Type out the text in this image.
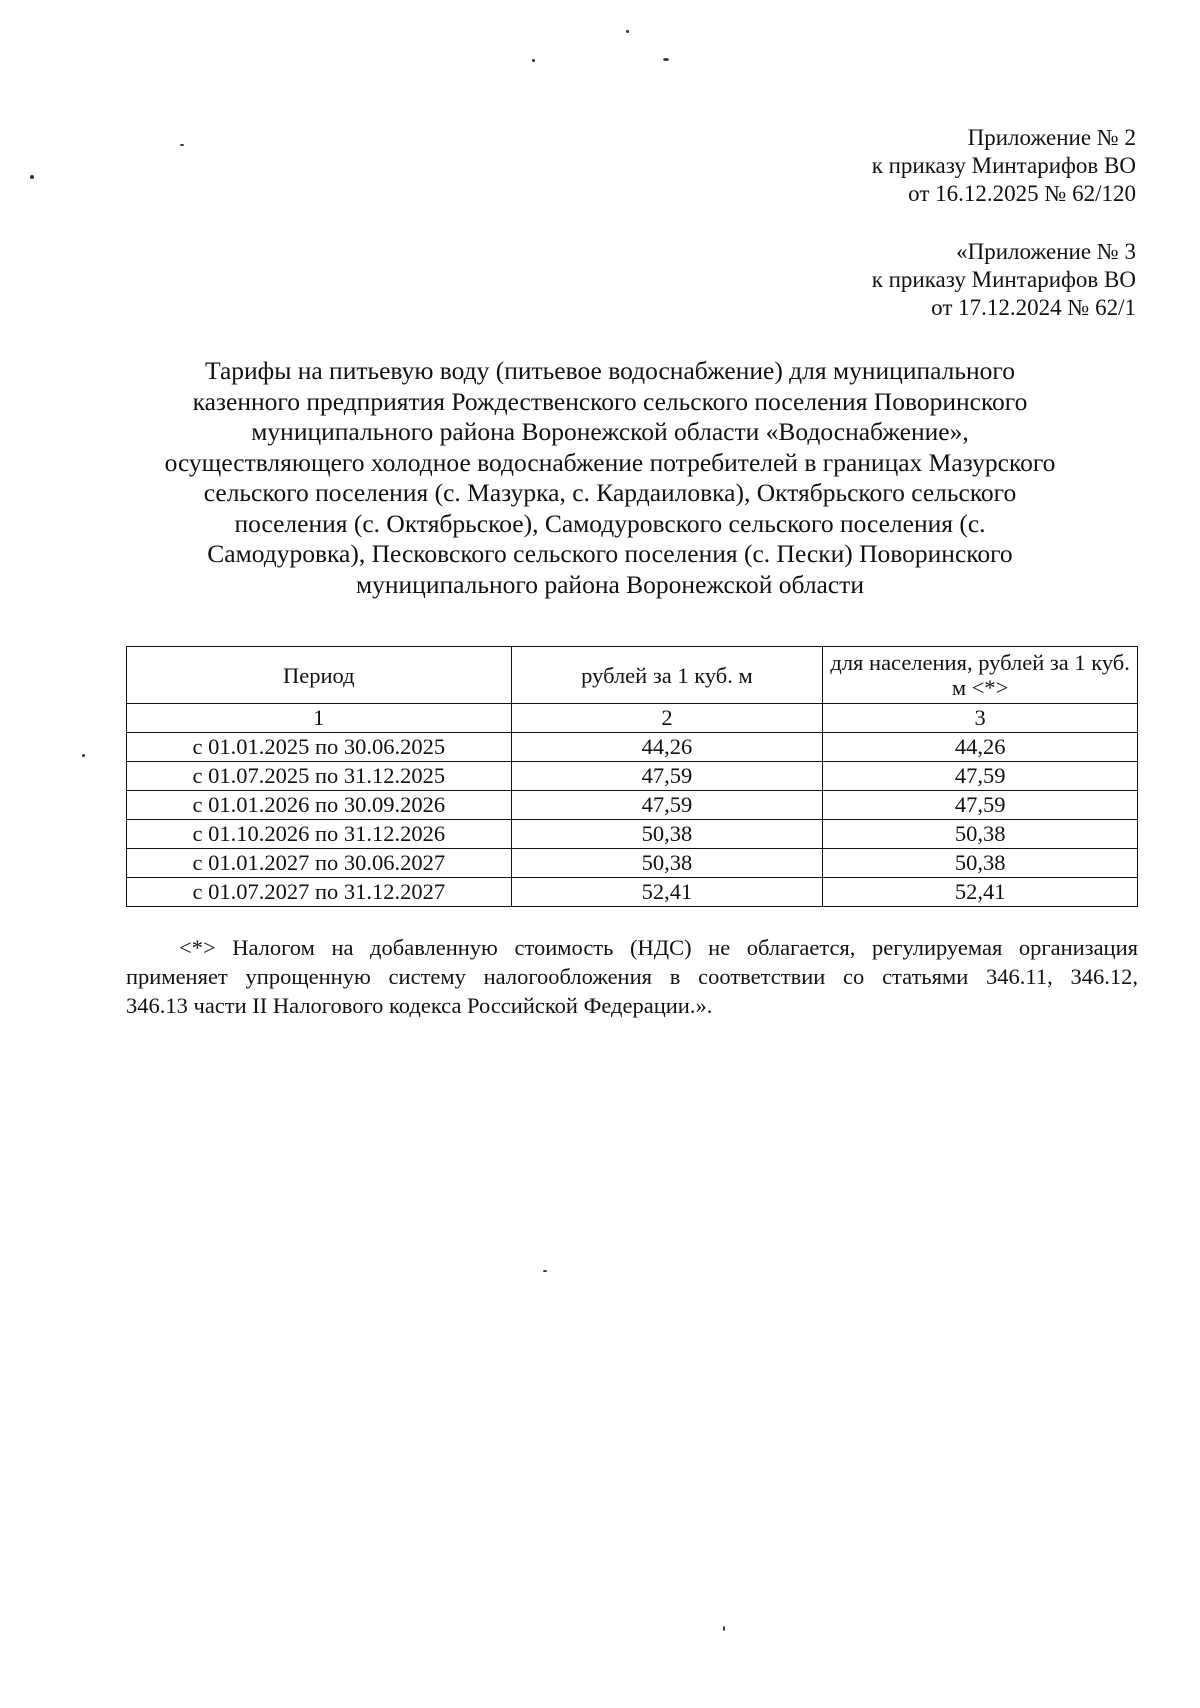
Приложение № 2
к приказу Минтарифов ВО
от 16.12.2025 № 62/120
«Приложение № 3
к приказу Минтарифов ВО
от 17.12.2024 № 62/1
Тарифы на питьевую воду (питьевое водоснабжение) для муниципального
казенного предприятия Рождественского сельского поселения Поворинского
муниципального района Воронежской области «Водоснабжение»,
осуществляющего холодное водоснабжение потребителей в границах Мазурского
сельского поселения (с. Мазурка, с. Кардаиловка), Октябрьского сельского
поселения (с. Октябрьское), Самодуровского сельского поселения (с.
Самодуровка), Песковского сельского поселения (с. Пески) Поворинского
муниципального района Воронежской области
Период	рублей за 1 куб. м	для населения, рублей за 1 куб. м <*>
1	2	3
с 01.01.2025 по 30.06.2025	44,26	44,26
с 01.07.2025 по 31.12.2025	47,59	47,59
с 01.01.2026 по 30.09.2026	47,59	47,59
с 01.10.2026 по 31.12.2026	50,38	50,38
с 01.01.2027 по 30.06.2027	50,38	50,38
с 01.07.2027 по 31.12.2027	52,41	52,41
<*> Налогом на добавленную стоимость (НДС) не облагается, регулируемая организация
применяет упрощенную систему налогообложения в соответствии со статьями 346.11, 346.12,
346.13 части II Налогового кодекса Российской Федерации.».
